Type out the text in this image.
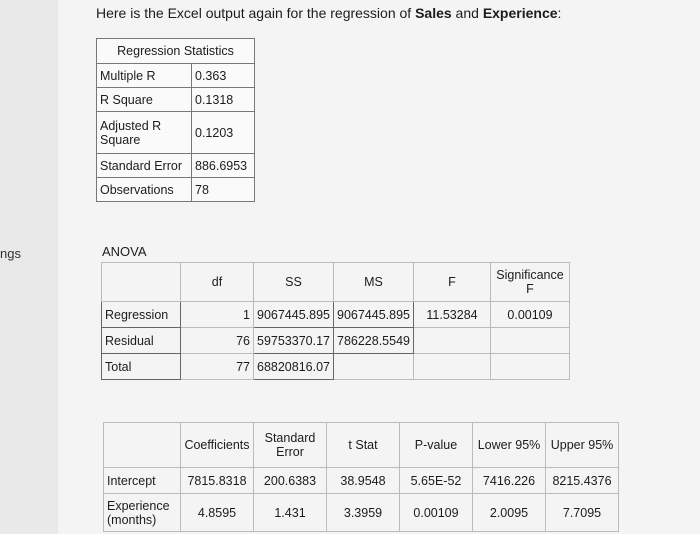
ngs
Here is the Excel output again for the regression of Sales and Experience:
Regression Statistics	
Multiple R	0.363
R Square	0.1318

Adjusted R
Square	0.1203
Standard Error	886.6953
Observations	78
ANOVA
	df	SS	MS	F	Significance
F

Regression	1	9067445.895	9067445.895	11.53284	0.00109
Residual	76	59753370.17	786228.5549		
Total	77	68820816.07			
	Coefficients	Standard
Error	t Stat	P-value	Lower 95%	Upper 95%
Intercept	7815.8318	200.6383	38.9548	5.65E-52	7416.226	8215.4376

Experience
(months)	4.8595	1.431	3.3959	0.00109	2.0095	7.7095
